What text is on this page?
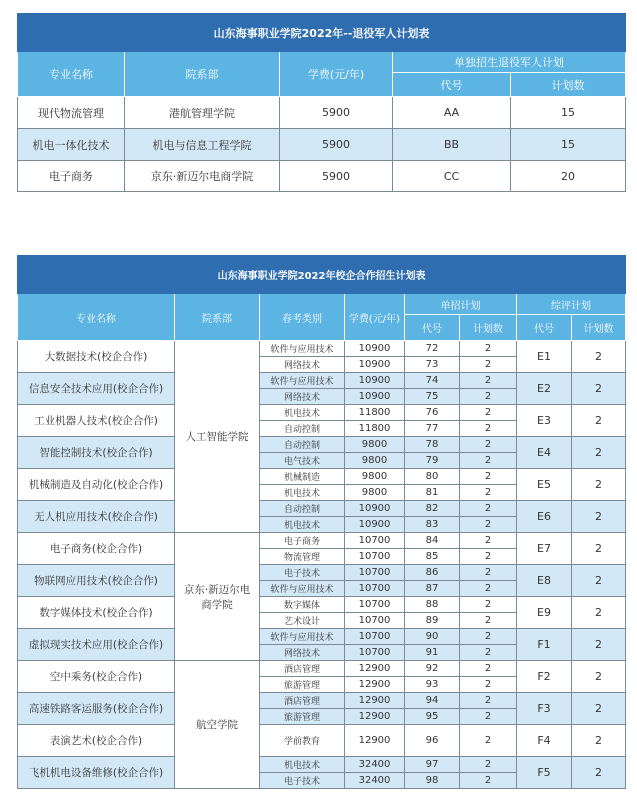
山东海事职业学院2022年--退役军人计划表				
专业名称	院系部	学费(元/年)	单独招生退役军人计划	
			代号	计划数
现代物流管理	港航管理学院	5900	AA	15
机电一体化技术	机电与信息工程学院	5900	BB	15
电子商务	京东·新迈尔电商学院	5900	CC	20
山东海事职业学院2022年校企合作招生计划表							
专业名称	院系部	春考类别	学费(元/年)	单招计划		综评计划	
				代号	计划数	代号	计划数
大数据技术(校企合作)	人工智能学院	软件与应用技术	10900	72	2	E1	2
		网络技术	10900	73	2		
信息安全技术应用(校企合作)		软件与应用技术	10900	74	2	E2	2
		网络技术	10900	75	2		
工业机器人技术(校企合作)		机电技术	11800	76	2	E3	2
		自动控制	11800	77	2		
智能控制技术(校企合作)		自动控制	9800	78	2	E4	2
		电气技术	9800	79	2		
机械制造及自动化(校企合作)		机械制造	9800	80	2	E5	2
		机电技术	9800	81	2		
无人机应用技术(校企合作)		自动控制	10900	82	2	E6	2
		机电技术	10900	83	2		
电子商务(校企合作)	京东·新迈尔电商学院	电子商务	10700	84	2	E7	2
		物流管理	10700	85	2		
物联网应用技术(校企合作)		电子技术	10700	86	2	E8	2
		软件与应用技术	10700	87	2		
数字媒体技术(校企合作)		数字媒体	10700	88	2	E9	2
		艺术设计	10700	89	2		
虚拟现实技术应用(校企合作)		软件与应用技术	10700	90	2	F1	2
		网络技术	10700	91	2		
空中乘务(校企合作)	航空学院	酒店管理	12900	92	2	F2	2
		旅游管理	12900	93	2		
高速铁路客运服务(校企合作)		酒店管理	12900	94	2	F3	2
		旅游管理	12900	95	2		
表演艺术(校企合作)		学前教育	12900	96	2	F4	2
飞机机电设备维修(校企合作)		机电技术	32400	97	2	F5	2
		电子技术	32400	98	2		
